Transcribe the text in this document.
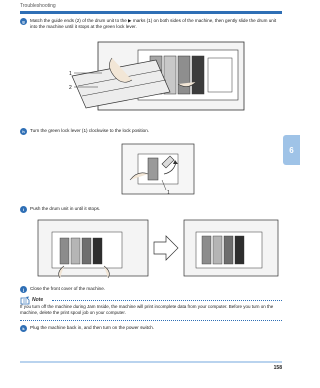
Troubleshooting
6
g	Match the guide ends (2) of the drum unit to the ▶ marks (1) on both sides of the machine, then gently slide the drum unit into the machine until it stops at the green lock lever.
1
2
h	Turn the green lock lever (1) clockwise to the lock position.
1
i	Push the drum unit in until it stops.
j	Close the front cover of the machine.
Note
If you turn off the machine during Jam Inside, the machine will print incomplete data from your computer. Before you turn on the machine, delete the print spool job on your computer.
k	Plug the machine back in, and then turn on the power switch.
158
